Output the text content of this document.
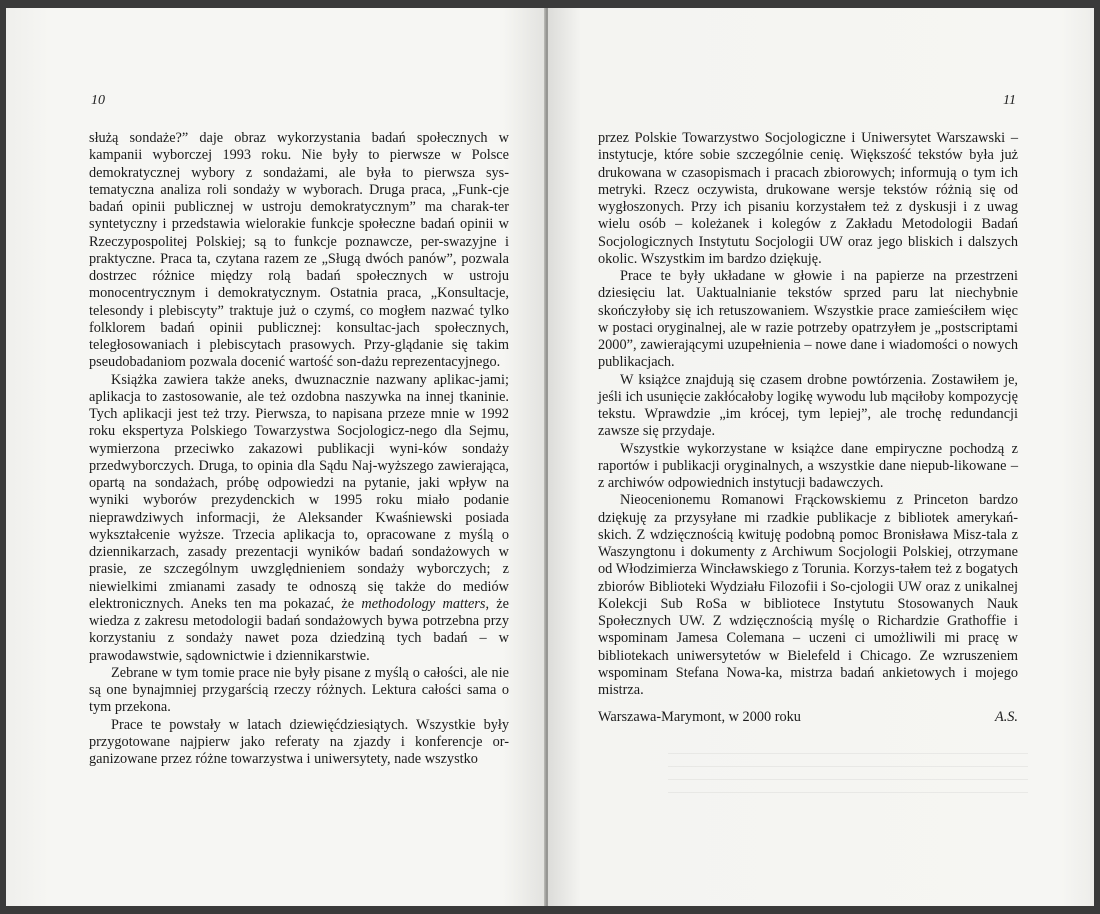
10

służą sondaże?” daje obraz wykorzystania badań społecznych w kampanii wyborczej 1993 roku. Nie były to pierwsze w Polsce demokratycznej wybory z sondażami, ale była to pierwsza sys-tematyczna analiza roli sondaży w wyborach. Druga praca, „Funk-cje badań opinii publicznej w ustroju demokratycznym” ma charak-ter syntetyczny i przedstawia wielorakie funkcje społeczne badań opinii w Rzeczypospolitej Polskiej; są to funkcje poznawcze, per-swazyjne i praktyczne. Praca ta, czytana razem ze „Sługą dwóch panów”, pozwala dostrzec różnice między rolą badań społecznych w ustroju monocentrycznym i demokratycznym. Ostatnia praca, „Konsultacje, telesondy i plebiscyty” traktuje już o czymś, co mogłem nazwać tylko folklorem badań opinii publicznej: konsultac-jach społecznych, teległosowaniach i plebiscytach prasowych. Przy-glądanie się takim pseudobadaniom pozwala docenić wartość son-dażu reprezentacyjnego.

Książka zawiera także aneks, dwuznacznie nazwany aplikac-jami; aplikacja to zastosowanie, ale też ozdobna naszywka na innej tkaninie. Tych aplikacji jest też trzy. Pierwsza, to napisana przeze mnie w 1992 roku ekspertyza Polskiego Towarzystwa Socjologicz-nego dla Sejmu, wymierzona przeciwko zakazowi publikacji wyni-ków sondaży przedwyborczych. Druga, to opinia dla Sądu Naj-wyższego zawierająca, opartą na sondażach, próbę odpowiedzi na pytanie, jaki wpływ na wyniki wyborów prezydenckich w 1995 roku miało podanie nieprawdziwych informacji, że Aleksander Kwaśniewski posiada wykształcenie wyższe. Trzecia aplikacja to, opracowane z myślą o dziennikarzach, zasady prezentacji wyników badań sondażowych w prasie, ze szczególnym uwzględnieniem sondaży wyborczych; z niewielkimi zmianami zasady te odnoszą się także do mediów elektronicznych. Aneks ten ma pokazać, że methodology matters, że wiedza z zakresu metodologii badań sondażowych bywa potrzebna przy korzystaniu z sondaży nawet poza dziedziną tych badań – w prawodawstwie, sądownictwie i dziennikarstwie.

Zebrane w tym tomie prace nie były pisane z myślą o całości, ale nie są one bynajmniej przygarścią rzeczy różnych. Lektura całości sama o tym przekona.

Prace te powstały w latach dziewięćdziesiątych. Wszystkie były przygotowane najpierw jako referaty na zjazdy i konferencje or-ganizowane przez różne towarzystwa i uniwersytety, nade wszystko

11

przez Polskie Towarzystwo Socjologiczne i Uniwersytet Warszawski – instytucje, które sobie szczególnie cenię. Większość tekstów była już drukowana w czasopismach i pracach zbiorowych; informują o tym ich metryki. Rzecz oczywista, drukowane wersje tekstów różnią się od wygłoszonych. Przy ich pisaniu korzystałem też z dyskusji i z uwag wielu osób – koleżanek i kolegów z Zakładu Metodologii Badań Socjologicznych Instytutu Socjologii UW oraz jego bliskich i dalszych okolic. Wszystkim im bardzo dziękuję.

Prace te były układane w głowie i na papierze na przestrzeni dziesięciu lat. Uaktualnianie tekstów sprzed paru lat niechybnie skończyłoby się ich retuszowaniem. Wszystkie prace zamieściłem więc w postaci oryginalnej, ale w razie potrzeby opatrzyłem je „postscriptami 2000”, zawierającymi uzupełnienia – nowe dane i wiadomości o nowych publikacjach.

W książce znajdują się czasem drobne powtórzenia. Zostawiłem je, jeśli ich usunięcie zakłócałoby logikę wywodu lub mąciłoby kompozycję tekstu. Wprawdzie „im krócej, tym lepiej”, ale trochę redundancji zawsze się przydaje.

Wszystkie wykorzystane w książce dane empiryczne pochodzą z raportów i publikacji oryginalnych, a wszystkie dane niepub-likowane – z archiwów odpowiednich instytucji badawczych.

Nieocenionemu Romanowi Frąckowskiemu z Princeton bardzo dziękuję za przysyłane mi rzadkie publikacje z bibliotek amerykań-skich. Z wdzięcznością kwituję podobną pomoc Bronisława Misz-tala z Waszyngtonu i dokumenty z Archiwum Socjologii Polskiej, otrzymane od Włodzimierza Wincławskiego z Torunia. Korzys-tałem też z bogatych zbiorów Biblioteki Wydziału Filozofii i So-cjologii UW oraz z unikalnej Kolekcji Sub RoSa w bibliotece Instytutu Stosowanych Nauk Społecznych UW. Z wdzięcznością myślę o Richardzie Grathoffie i wspominam Jamesa Colemana – uczeni ci umożliwili mi pracę w bibliotekach uniwersytetów w Bielefeld i Chicago. Ze wzruszeniem wspominam Stefana Nowa-ka, mistrza badań ankietowych i mojego mistrza.

Warszawa-Marymont, w 2000 roku	A.S.
